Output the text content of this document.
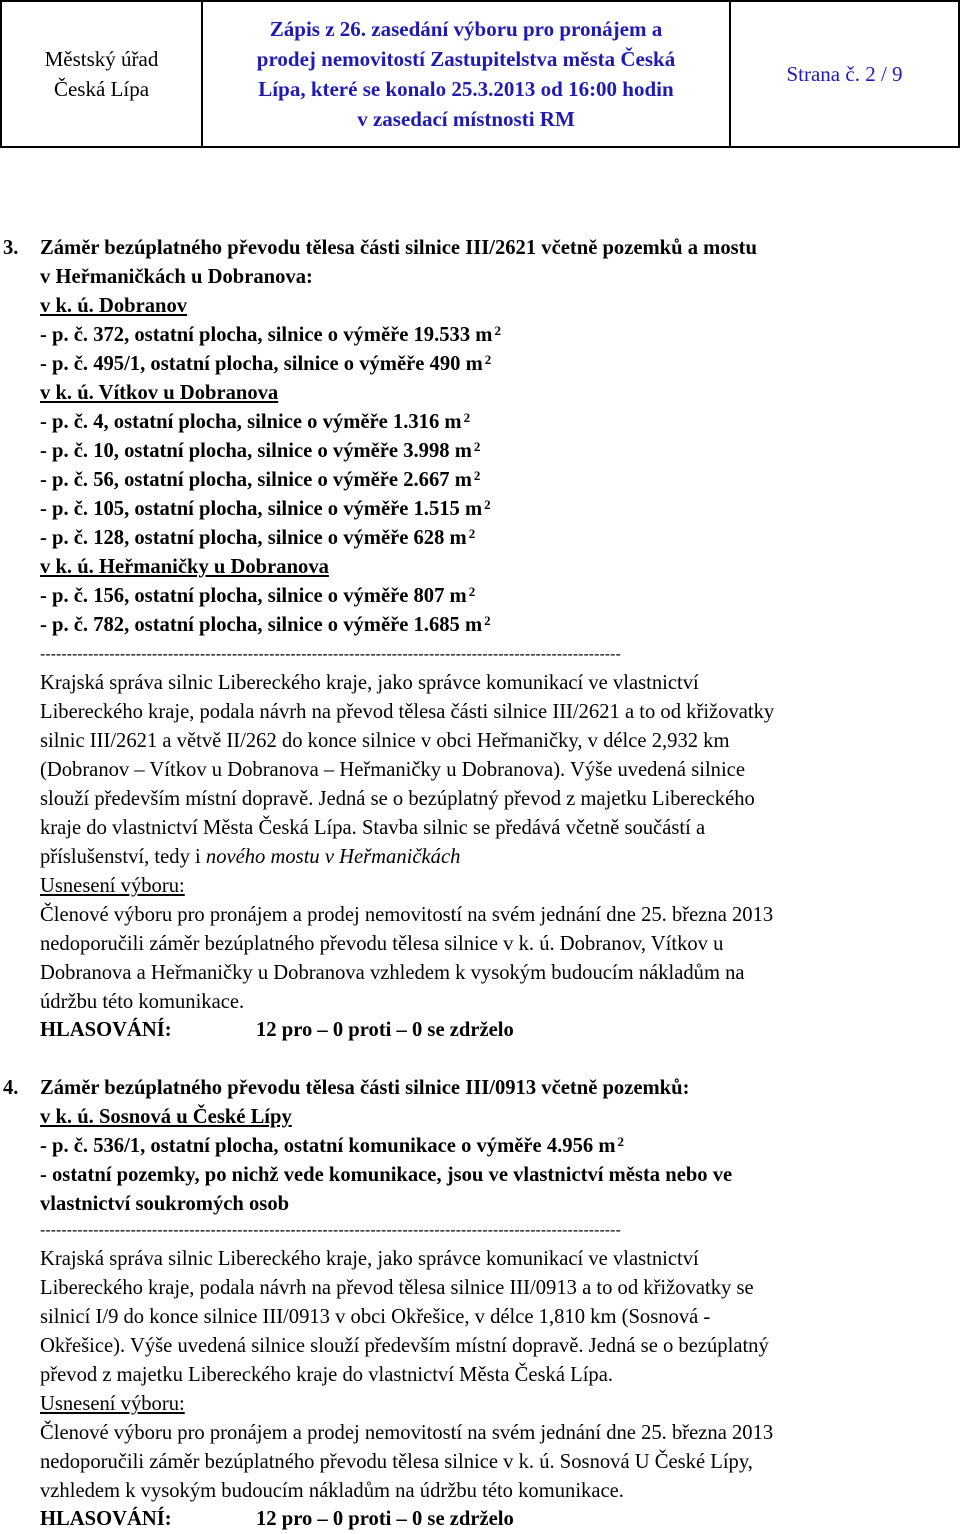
Městský úřad
Česká Lípa

Zápis z 26. zasedání výboru pro pronájem a
prodej nemovitostí Zastupitelstva města Česká
Lípa, které se konalo 25.3.2013 od 16:00 hodin
v zasedací místnosti RM
	Strana č. 2 / 9
3. Záměr bezúplatného převodu tělesa části silnice III/2621 včetně pozemků a mostu
v Heřmaničkách u Dobranova:
v k. ú. Dobranov
- p. č. 372, ostatní plocha, silnice o výměře 19.533 m $^2$
- p. č. 495/1, ostatní plocha, silnice o výměře 490 m $^2$
v k. ú. Vítkov u Dobranova
- p. č. 4, ostatní plocha, silnice o výměře 1.316 m $^2$
- p. č. 10, ostatní plocha, silnice o výměře 3.998 m $^2$
- p. č. 56, ostatní plocha, silnice o výměře 2.667 m $^2$
- p. č. 105, ostatní plocha, silnice o výměře 1.515 m $^2$
- p. č. 128, ostatní plocha, silnice o výměře 628 m $^2$
v k. ú. Heřmaničky u Dobranova
- p. č. 156, ostatní plocha, silnice o výměře 807 m $^2$
- p. č. 782, ostatní plocha, silnice o výměře 1.685 m $^2$
-------------------------------------------------------------------------------------------------------------
Krajská správa silnic Libereckého kraje, jako správce komunikací ve vlastnictví
Libereckého kraje, podala návrh na převod tělesa části silnice III/2621 a to od křižovatky
silnic III/2621 a větvě II/262 do konce silnice v obci Heřmaničky, v délce 2,932 km
(Dobranov – Vítkov u Dobranova – Heřmaničky u Dobranova). Výše uvedená silnice
slouží především místní dopravě. Jedná se o bezúplatný převod z majetku Libereckého
kraje do vlastnictví Města Česká Lípa. Stavba silnic se předává včetně součástí a
příslušenství, tedy i nového mostu v Heřmaničkách
Usnesení výboru:
Členové výboru pro pronájem a prodej nemovitostí na svém jednání dne 25. března 2013
nedoporučili záměr bezúplatného převodu tělesa silnice v k. ú. Dobranov, Vítkov u
Dobranova a Heřmaničky u Dobranova vzhledem k vysokým budoucím nákladům na
údržbu této komunikace.
HLASOVÁNÍ:	12 pro – 0 proti – 0 se zdrželo
4. Záměr bezúplatného převodu tělesa části silnice III/0913 včetně pozemků:
v k. ú. Sosnová u České Lípy
- p. č. 536/1, ostatní plocha, ostatní komunikace o výměře 4.956 m $^2$
- ostatní pozemky, po nichž vede komunikace, jsou ve vlastnictví města nebo ve
vlastnictví soukromých osob
-------------------------------------------------------------------------------------------------------------
Krajská správa silnic Libereckého kraje, jako správce komunikací ve vlastnictví
Libereckého kraje, podala návrh na převod tělesa silnice III/0913 a to od křižovatky se
silnicí I/9 do konce silnice III/0913 v obci Okřešice, v délce 1,810 km (Sosnová -
Okřešice). Výše uvedená silnice slouží především místní dopravě. Jedná se o bezúplatný
převod z majetku Libereckého kraje do vlastnictví Města Česká Lípa.
Usnesení výboru:
Členové výboru pro pronájem a prodej nemovitostí na svém jednání dne 25. března 2013
nedoporučili záměr bezúplatného převodu tělesa silnice v k. ú. Sosnová U České Lípy,
vzhledem k vysokým budoucím nákladům na údržbu této komunikace.
HLASOVÁNÍ:	12 pro – 0 proti – 0 se zdrželo
